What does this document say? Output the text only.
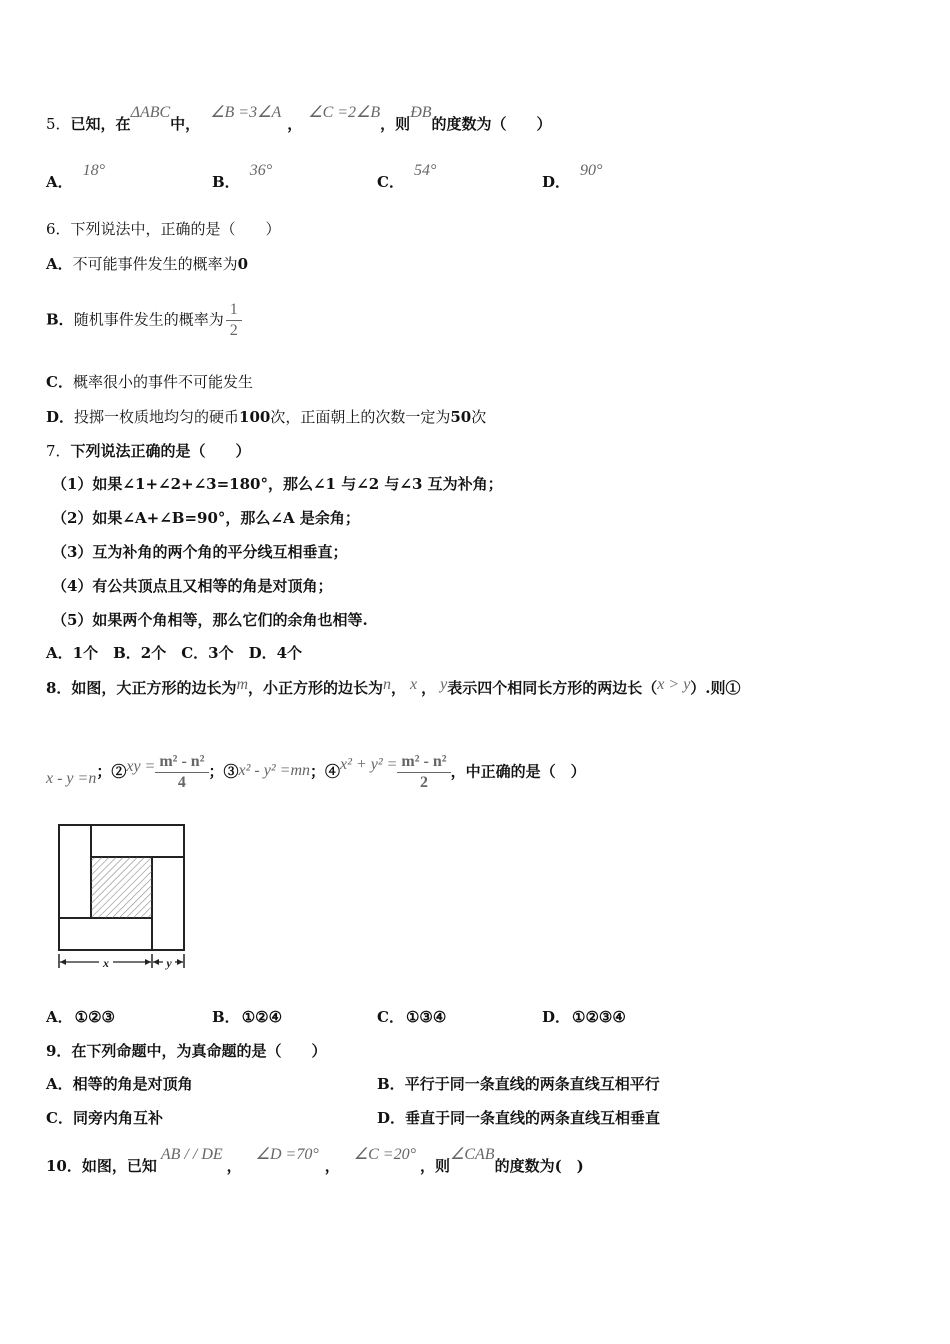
5．已知，在ΔABC中，∠B =3∠A，∠C =2∠B，则ÐB的度数为（　　）
A．18°
B．36°
C．54°
D．90°
6．下列说法中，正确的是（　　）
A．不可能事件发生的概率为0
B．随机事件发生的概率为 $\frac{1}{2}$
C．概率很小的事件不可能发生
D．投掷一枚质地均匀的硬币100次，正面朝上的次数一定为50次
7．下列说法正确的是（　　）
（1）如果∠1+∠2+∠3=180°，那么∠1 与∠2 与∠3 互为补角；
（2）如果∠A+∠B=90°，那么∠A 是余角；
（3）互为补角的两个角的平分线互相垂直；
（4）有公共顶点且又相等的角是对顶角；
（5）如果两个角相等，那么它们的余角也相等.
A．1个　B．2个　C．3个　D．4个
8．如图，大正方形的边长为m，小正方形的边长为n， x ， y表示四个相同长方形的两边长（x > y）.则①
x - y =n；②xy = $\frac{\text{m² - n²}}{4}$ ；③x² - y² =mn；④x² + $y^2 = \frac{\text{m² - n²}}{2}$ ，中正确的是（　）
x	y
A． ①②③	B． ①②④	C． ①③④	D． ①②③④
9．在下列命题中，为真命题的是（　　）
A．相等的角是对顶角	B．平行于同一条直线的两条直线互相平行
C．同旁内角互补	D．垂直于同一条直线的两条直线互相垂直
10．如图，已知AB / / DE，∠D =70°，∠C =20°，则∠CAB的度数为(　)
